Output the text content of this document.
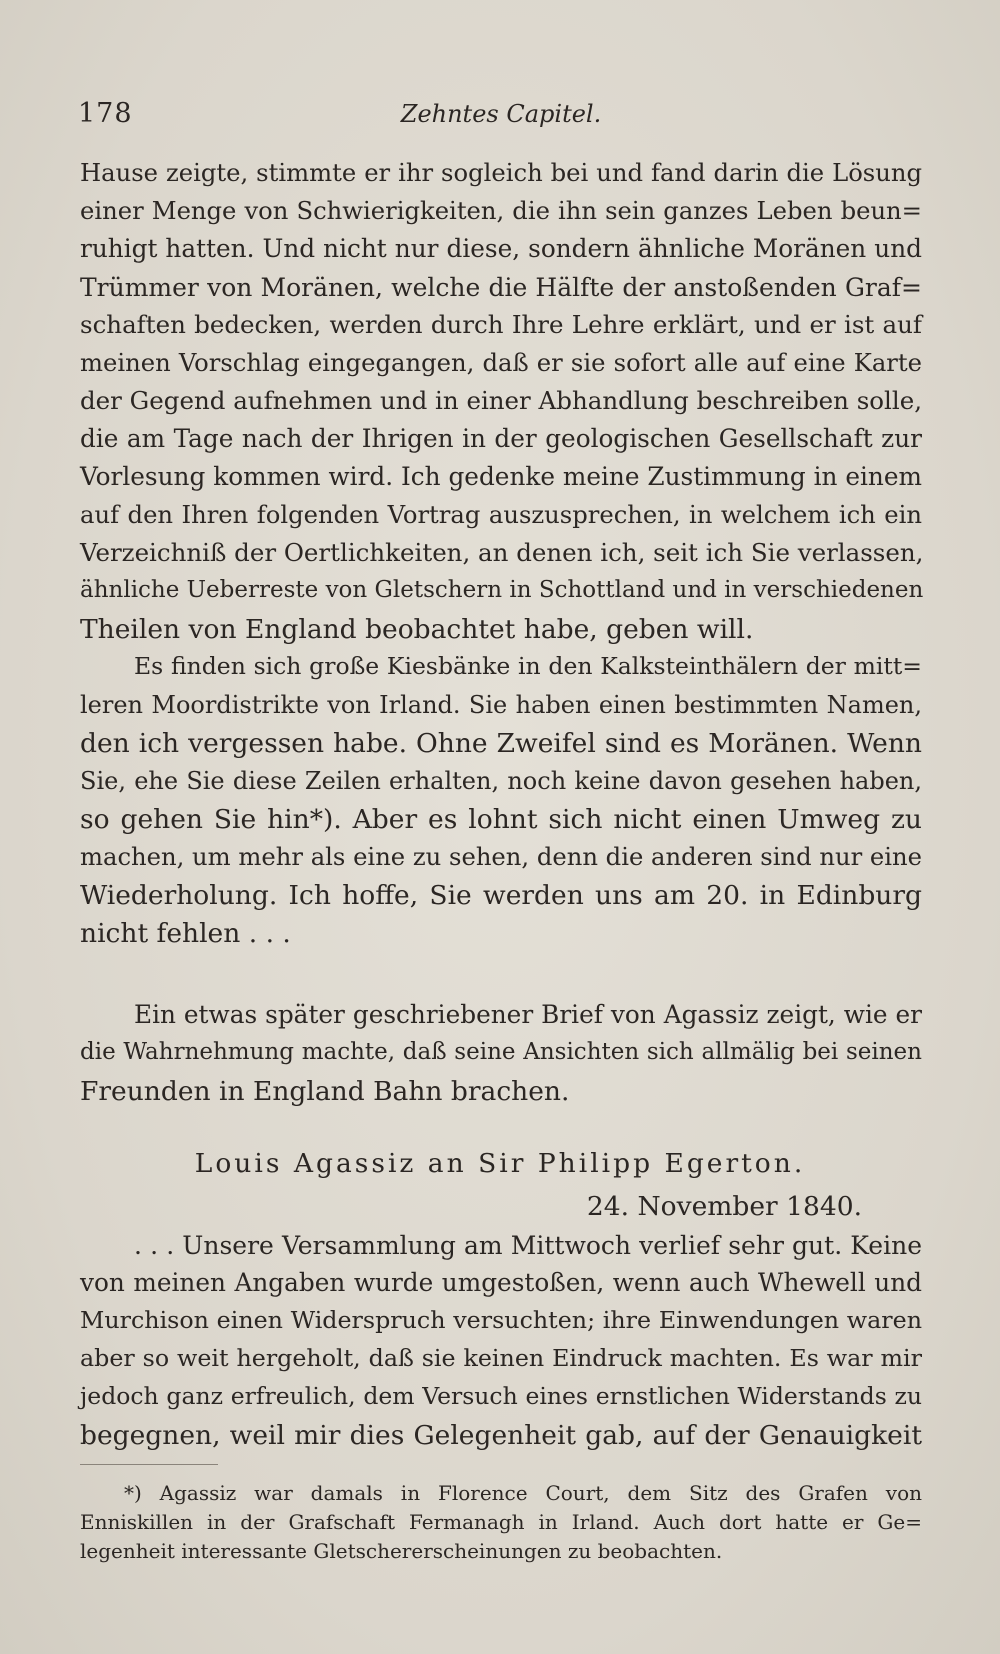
178	Zehntes Capitel.
Hause zeigte, stimmte er ihr sogleich bei und fand darin die Lösung
einer Menge von Schwierigkeiten, die ihn sein ganzes Leben beun=
ruhigt hatten. Und nicht nur diese, sondern ähnliche Moränen und
Trümmer von Moränen, welche die Hälfte der anstoßenden Graf=
schaften bedecken, werden durch Ihre Lehre erklärt, und er ist auf
meinen Vorschlag eingegangen, daß er sie sofort alle auf eine Karte
der Gegend aufnehmen und in einer Abhandlung beschreiben solle,
die am Tage nach der Ihrigen in der geologischen Gesellschaft zur
Vorlesung kommen wird. Ich gedenke meine Zustimmung in einem
auf den Ihren folgenden Vortrag auszusprechen, in welchem ich ein
Verzeichniß der Oertlichkeiten, an denen ich, seit ich Sie verlassen,
ähnliche Ueberreste von Gletschern in Schottland und in verschiedenen
Theilen von England beobachtet habe, geben will.
Es finden sich große Kiesbänke in den Kalksteinthälern der mitt=
leren Moordistrikte von Irland. Sie haben einen bestimmten Namen,
den ich vergessen habe. Ohne Zweifel sind es Moränen. Wenn
Sie, ehe Sie diese Zeilen erhalten, noch keine davon gesehen haben,
so gehen Sie hin*). Aber es lohnt sich nicht einen Umweg zu
machen, um mehr als eine zu sehen, denn die anderen sind nur eine
Wiederholung. Ich hoffe, Sie werden uns am 20. in Edinburg
nicht fehlen . . .
Ein etwas später geschriebener Brief von Agassiz zeigt, wie er
die Wahrnehmung machte, daß seine Ansichten sich allmälig bei seinen
Freunden in England Bahn brachen.
Louis Agassiz an Sir Philipp Egerton.
24. November 1840.
. . . Unsere Versammlung am Mittwoch verlief sehr gut. Keine
von meinen Angaben wurde umgestoßen, wenn auch Whewell und
Murchison einen Widerspruch versuchten; ihre Einwendungen waren
aber so weit hergeholt, daß sie keinen Eindruck machten. Es war mir
jedoch ganz erfreulich, dem Versuch eines ernstlichen Widerstands zu
begegnen, weil mir dies Gelegenheit gab, auf der Genauigkeit
*) Agassiz war damals in Florence Court, dem Sitz des Grafen von
Enniskillen in der Grafschaft Fermanagh in Irland. Auch dort hatte er Ge=
legenheit interessante Gletschererscheinungen zu beobachten.
